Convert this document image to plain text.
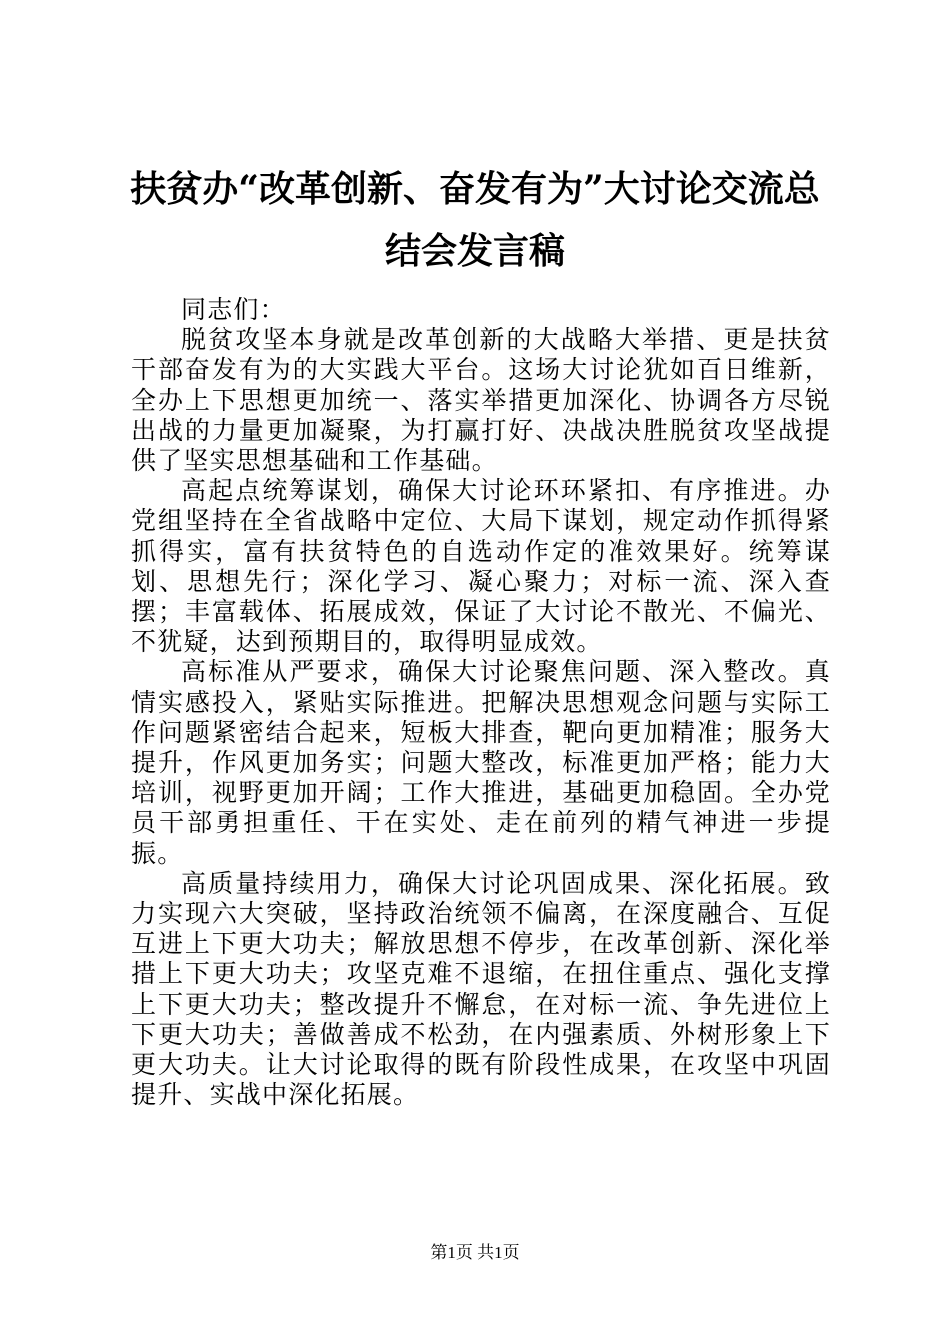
扶贫办“改革创新、奋发有为”大讨论交流总
结会发言稿

同志们：

脱贫攻坚本身就是改革创新的大战略大举措、更是扶贫干部奋发有为的大实践大平台。这场大讨论犹如百日维新，全办上下思想更加统一、落实举措更加深化、协调各方尽锐出战的力量更加凝聚，为打赢打好、决战决胜脱贫攻坚战提供了坚实思想基础和工作基础。

高起点统筹谋划，确保大讨论环环紧扣、有序推进。办党组坚持在全省战略中定位、大局下谋划，规定动作抓得紧抓得实，富有扶贫特色的自选动作定的准效果好。统筹谋划、思想先行；深化学习、凝心聚力；对标一流、深入查摆；丰富载体、拓展成效，保证了大讨论不散光、不偏光、不犹疑，达到预期目的，取得明显成效。

高标准从严要求，确保大讨论聚焦问题、深入整改。真情实感投入，紧贴实际推进。把解决思想观念问题与实际工作问题紧密结合起来，短板大排查，靶向更加精准；服务大提升，作风更加务实；问题大整改，标准更加严格；能力大培训，视野更加开阔；工作大推进，基础更加稳固。全办党员干部勇担重任、干在实处、走在前列的精气神进一步提振。

高质量持续用力，确保大讨论巩固成果、深化拓展。致力实现六大突破，坚持政治统领不偏离，在深度融合、互促互进上下更大功夫；解放思想不停步，在改革创新、深化举措上下更大功夫；攻坚克难不退缩，在扭住重点、强化支撑上下更大功夫；整改提升不懈怠，在对标一流、争先进位上下更大功夫；善做善成不松劲，在内强素质、外树形象上下更大功夫。让大讨论取得的既有阶段性成果，在攻坚中巩固提升、实战中深化拓展。

第1页 共1页
